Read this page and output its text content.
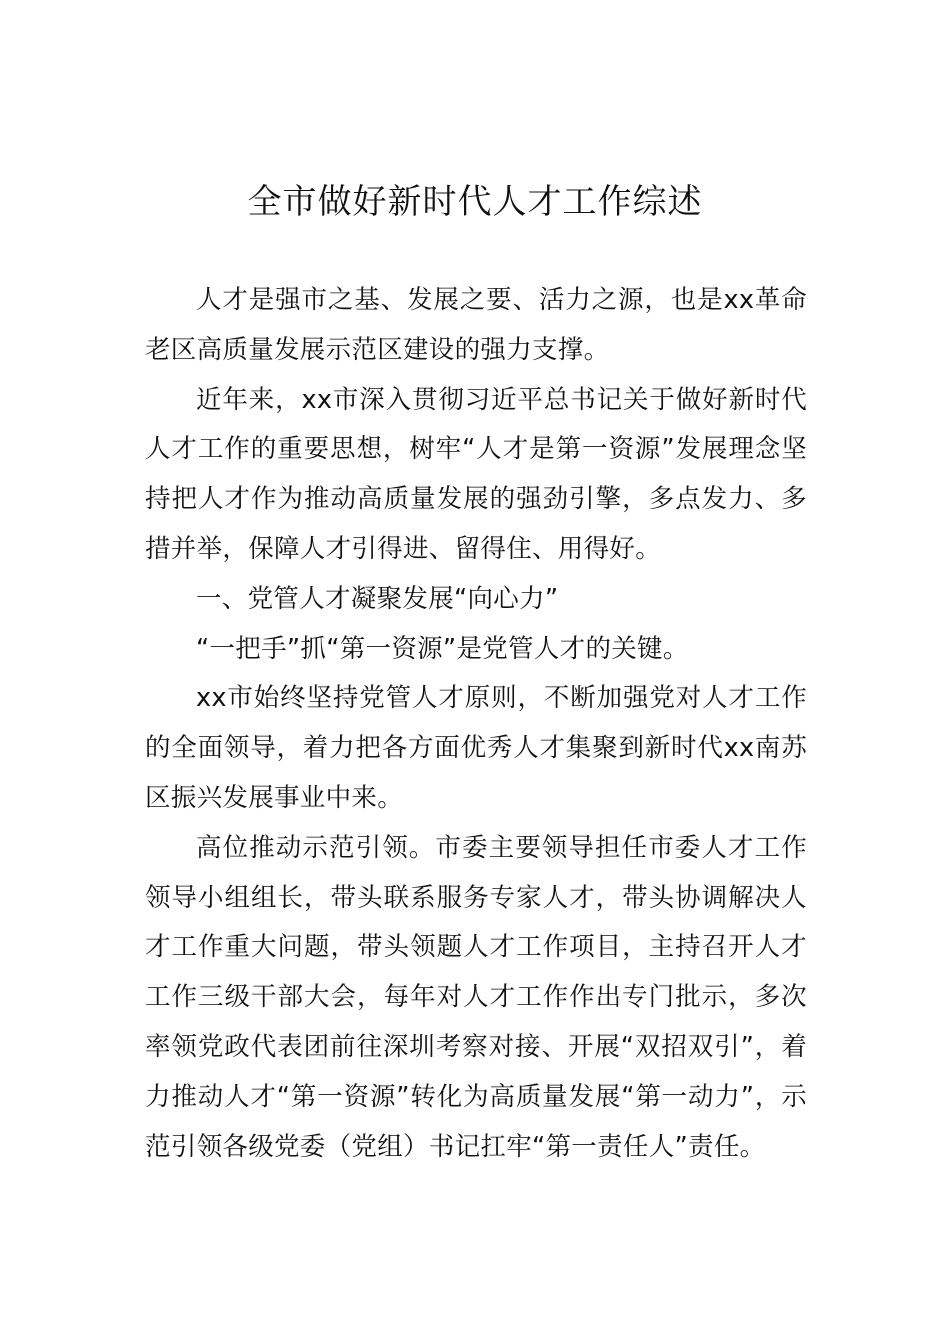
全市做好新时代人才工作综述

人才是强市之基、发展之要、活力之源，也是xx革命老区高质量发展示范区建设的强力支撑。

近年来，xx市深入贯彻习近平总书记关于做好新时代人才工作的重要思想，树牢“人才是第一资源”发展理念坚持把人才作为推动高质量发展的强劲引擎，多点发力、多措并举，保障人才引得进、留得住、用得好。

一、党管人才凝聚发展“向心力”

“一把手”抓“第一资源”是党管人才的关键。

xx市始终坚持党管人才原则，不断加强党对人才工作的全面领导，着力把各方面优秀人才集聚到新时代xx南苏区振兴发展事业中来。

高位推动示范引领。市委主要领导担任市委人才工作领导小组组长，带头联系服务专家人才，带头协调解决人才工作重大问题，带头领题人才工作项目，主持召开人才工作三级干部大会，每年对人才工作作出专门批示，多次率领党政代表团前往深圳考察对接、开展“双招双引”，着力推动人才“第一资源”转化为高质量发展“第一动力”，示范引领各级党委（党组）书记扛牢“第一责任人”责任。
